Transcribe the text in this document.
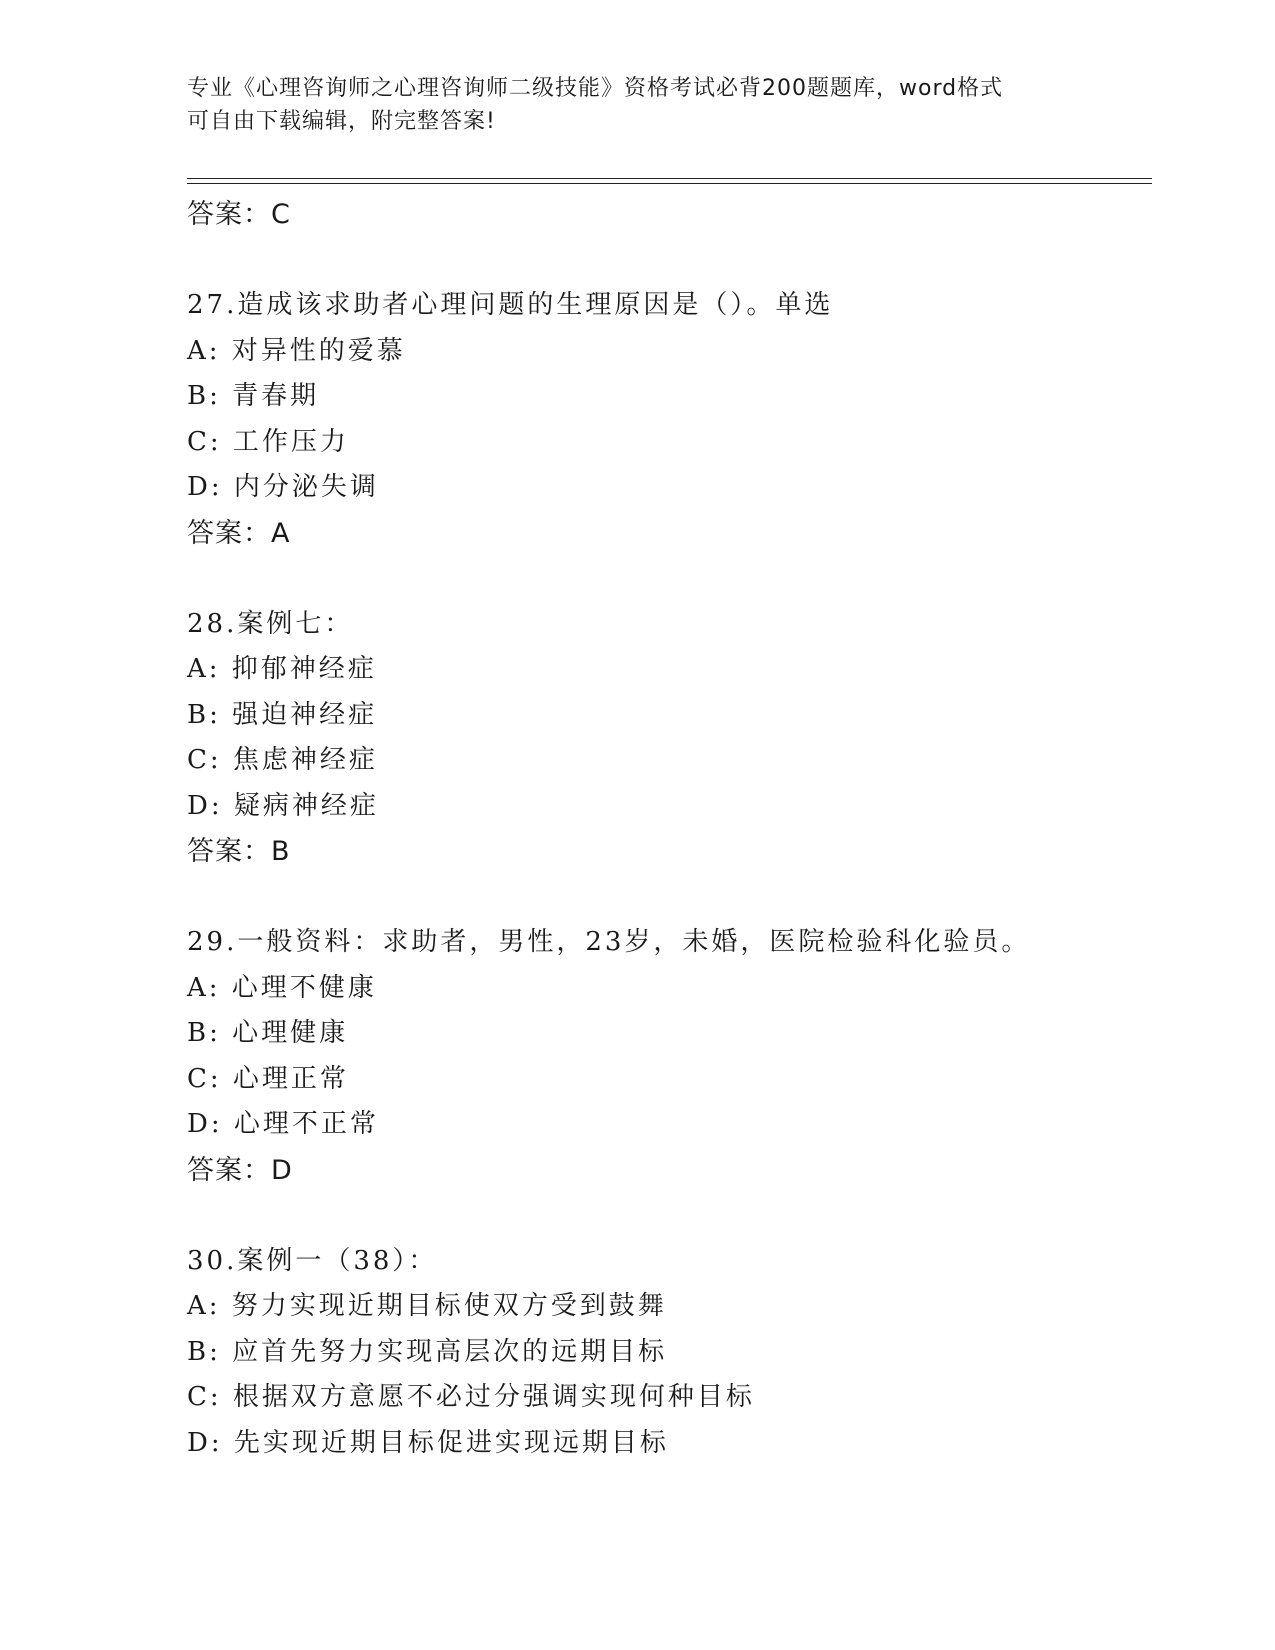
专业《心理咨询师之心理咨询师二级技能》资格考试必背200题题库，word格式
可自由下载编辑，附完整答案!
答案：C
27.造成该求助者心理问题的生理原因是（）。单选
A: 对异性的爱慕
B: 青春期
C: 工作压力
D: 内分泌失调
答案：A
28.案例七：
A: 抑郁神经症
B: 强迫神经症
C: 焦虑神经症
D: 疑病神经症
答案：B
29.一般资料：求助者，男性，23岁，未婚，医院检验科化验员。
A: 心理不健康
B: 心理健康
C: 心理正常
D: 心理不正常
答案：D
30.案例一（38）：
A: 努力实现近期目标使双方受到鼓舞
B: 应首先努力实现高层次的远期目标
C: 根据双方意愿不必过分强调实现何种目标
D: 先实现近期目标促进实现远期目标
